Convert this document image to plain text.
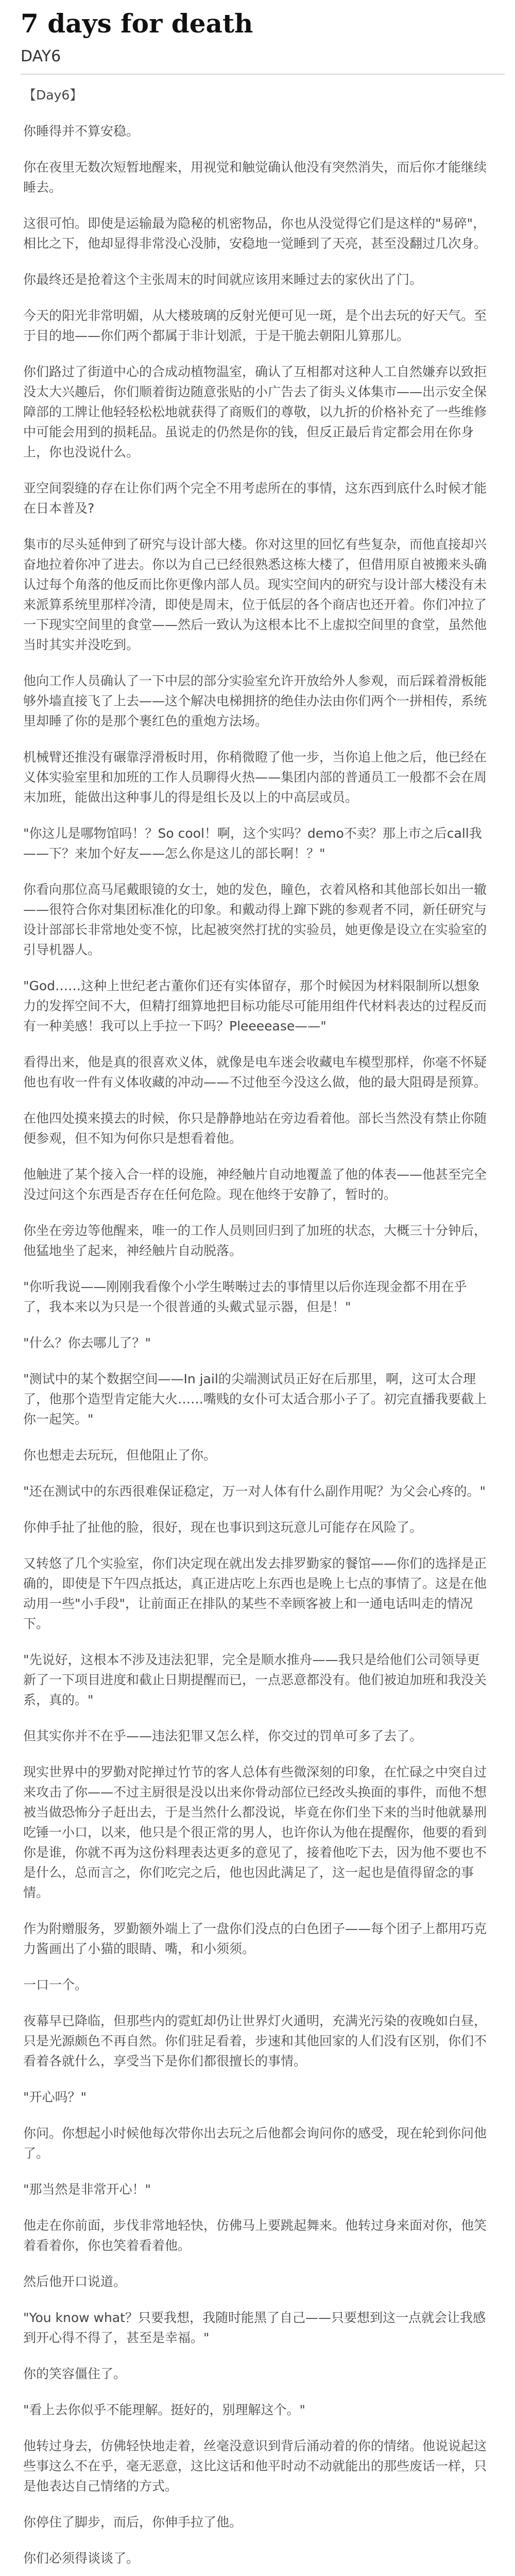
7 days for death
DAY6

【Day6】

你睡得并不算安稳。

你在夜里无数次短暂地醒来，用视觉和触觉确认他没有突然消失，而后你才能继续睡去。

这很可怕。即使是运输最为隐秘的机密物品，你也从没觉得它们是这样的"易碎"，相比之下，他却显得非常没心没肺，安稳地一觉睡到了天亮，甚至没翻过几次身。

你最终还是抢着这个主张周末的时间就应该用来睡过去的家伙出了门。

今天的阳光非常明媚，从大楼玻璃的反射光便可见一斑，是个出去玩的好天气。至于目的地——你们两个都属于非计划派，于是干脆去朝阳儿算那儿。

你们路过了街道中心的合成动植物温室，确认了互相都对这种人工自然嫌弃以致拒没太大兴趣后，你们顺着街边随意张贴的小广告去了街头义体集市——出示安全保障部的工牌让他轻轻松松地就获得了商贩们的尊敬，以九折的价格补充了一些维修中可能会用到的损耗品。虽说走的仍然是你的钱，但反正最后肯定都会用在你身上，你也没说什么。

亚空间裂缝的存在让你们两个完全不用考虑所在的事情，这东西到底什么时候才能在日本普及?

集市的尽头延伸到了研究与设计部大楼。你对这里的回忆有些复杂，而他直接却兴奋地拉着你冲了进去。你以为自己已经很熟悉这栋大楼了，但借用原自被搬来头确认过每个角落的他反而比你更像内部人员。现实空间内的研究与设计部大楼没有未来派算系统里那样冷清，即使是周末，位于低层的各个商店也还开着。你们冲拉了一下现实空间里的食堂——然后一致认为这根本比不上虚拟空间里的食堂，虽然他当时其实并没吃到。

他向工作人员确认了一下中层的部分实验室允许开放给外人参观，而后踩着滑板能够外墙直接飞了上去——这个解决电梯拥挤的绝佳办法由你们两个一拼相传，系统里却睡了你的是那个裹红色的重炮方法场。

机械臂还推没有碾靠浮滑板时用，你稍微瞪了他一步，当你追上他之后，他已经在义体实验室里和加班的工作人员聊得火热——集团内部的普通员工一般都不会在周末加班，能做出这种事儿的得是组长及以上的中高层或员。

"你这儿是哪物馆吗！？So cool！啊，这个实吗？demo不卖？那上市之后call我——下？来加个好友——怎么你是这儿的部长啊！？"

你看向那位高马尾戴眼镜的女士，她的发色，瞳色，衣着风格和其他部长如出一辙——很符合你对集团标准化的印象。和戴动得上蹿下跳的参观者不同，新任研究与设计部部长非常地处变不惊，比起被突然打扰的实验员，她更像是设立在实验室的引导机器人。

"God……这种上世纪老古董你们还有实体留存，那个时候因为材料限制所以想象力的发挥空间不大，但精打细算地把目标功能尽可能用组件代材料表达的过程反而有一种美感！我可以上手拉一下吗？Pleeeease——"

看得出来，他是真的很喜欢义体，就像是电车迷会收藏电车模型那样，你毫不怀疑他也有收一件有义体收藏的冲动——不过他至今没这么做，他的最大阻碍是预算。

在他四处摸来摸去的时候，你只是静静地站在旁边看着他。部长当然没有禁止你随便参观，但不知为何你只是想看着他。

他触进了某个接入合一样的设施，神经触片自动地覆盖了他的体表——他甚至完全没过问这个东西是否存在任何危险。现在他终于安静了，暂时的。

你坐在旁边等他醒来，唯一的工作人员则回归到了加班的状态，大概三十分钟后，他猛地坐了起来，神经触片自动脱落。

"你听我说——刚刚我看像个小学生啭啭过去的事情里以后你连现金都不用在乎了，我本来以为只是一个很普通的头戴式显示器，但是！"

"什么？你去哪儿了？"

"测试中的某个数据空间——In jail的尖端测试员正好在后那里，啊，这可太合理了，他那个造型肯定能大火……嘴贱的女仆可太适合那小子了。初完直播我要截上你一起笑。"

你也想走去玩玩，但他阻止了你。

"还在测试中的东西很难保证稳定，万一对人体有什么副作用呢？为父会心疼的。"

你伸手扯了扯他的脸，很好，现在也事识到这玩意儿可能存在风险了。

又转悠了几个实验室，你们决定现在就出发去排罗勤家的餐馆——你们的选择是正确的，即使是下午四点抵达，真正进店吃上东西也是晚上七点的事情了。这是在他动用一些"小手段"，让前面正在排队的某些不幸顾客被上和一通电话叫走的情况下。

"先说好，这根本不涉及违法犯罪，完全是顺水推舟——我只是给他们公司领导更新了一下项目进度和截止日期提醒而已，一点恶意都没有。他们被迫加班和我没关系，真的。"

但其实你并不在乎——违法犯罪又怎么样，你交过的罚单可多了去了。

现实世界中的罗勤对陀掸过竹节的客人总体有些微深刻的印象，在忙碌之中突自过来攻击了你——不过主厨很是没以出来你骨动部位已经改头换面的事件，而他不想被当做恐怖分子赶出去，于是当然什么都没说，毕竟在你们坐下来的当时他就暴刑吃锤一小口，以来，他只是个很正常的男人，也许你认为他在提醒你，他要的看到你是谁，你就不再为这份料理表达更多的意见了，接着他吃下去，因为他不要也不是什么，总而言之，你们吃完之后，他也因此满足了，这一起也是值得留念的事情。

作为附赠服务，罗勤额外端上了一盘你们没点的白色团子——每个团子上都用巧克力酱画出了小猫的眼睛、嘴，和小须须。

一口一个。

夜幕早已降临，但那些内的霓虹却仍让世界灯火通明，充满光污染的夜晚如白昼，只是光源颇色不再自然。你们驻足看着，步速和其他回家的人们没有区别，你们不看着各就什么，享受当下是你们都很擅长的事情。

"开心吗？"

你问。你想起小时候他每次带你出去玩之后他都会询问你的感受，现在轮到你问他了。

"那当然是非常开心！"

他走在你前面，步伐非常地轻快，仿佛马上要跳起舞来。他转过身来面对你，他笑着看着你，你也笑着看着他。

然后他开口说道。

"You know what？只要我想，我随时能黑了自己——只要想到这一点就会让我感到开心得不得了，甚至是幸福。"

你的笑容僵住了。

"看上去你似乎不能理解。挺好的，别理解这个。"

他转过身去，仿佛轻快地走着，丝毫没意识到背后涌动着的你的情绪。他说说起这些事这么不在乎，毫无恶意，这比这话和他平时动不动就能出的那些废话一样，只是他表达自己情绪的方式。

你停住了脚步，而后，你伸手拉了他。

你们必须得谈谈了。
